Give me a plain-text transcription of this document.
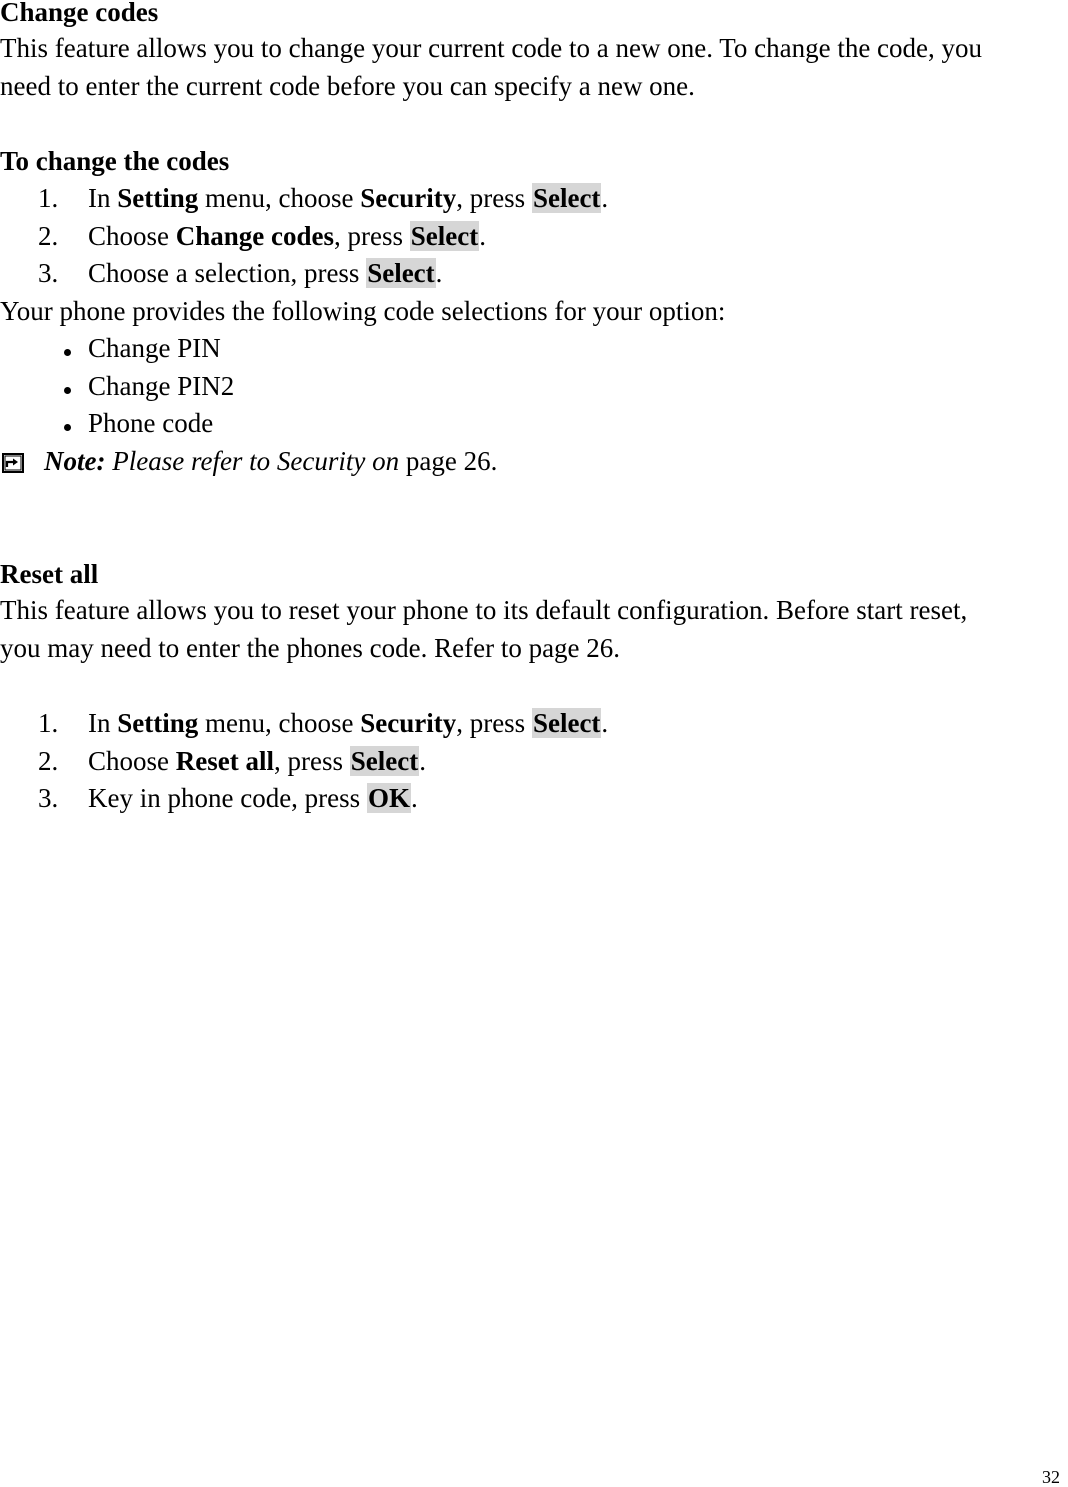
Change codes
This feature allows you to change your current code to a new one. To change the code, you
need to enter the current code before you can specify a new one.
To change the codes
1. In Setting menu, choose Security, press Select.
2. Choose Change codes, press Select.
3. Choose a selection, press Select.
Your phone provides the following code selections for your option:
Change PIN
Change PIN2
Phone code
Note: Please refer to Security on page 26.
Reset all
This feature allows you to reset your phone to its default configuration. Before start reset,
you may need to enter the phones code. Refer to page 26.
1. In Setting menu, choose Security, press Select.
2. Choose Reset all, press Select.
3. Key in phone code, press OK.
32
